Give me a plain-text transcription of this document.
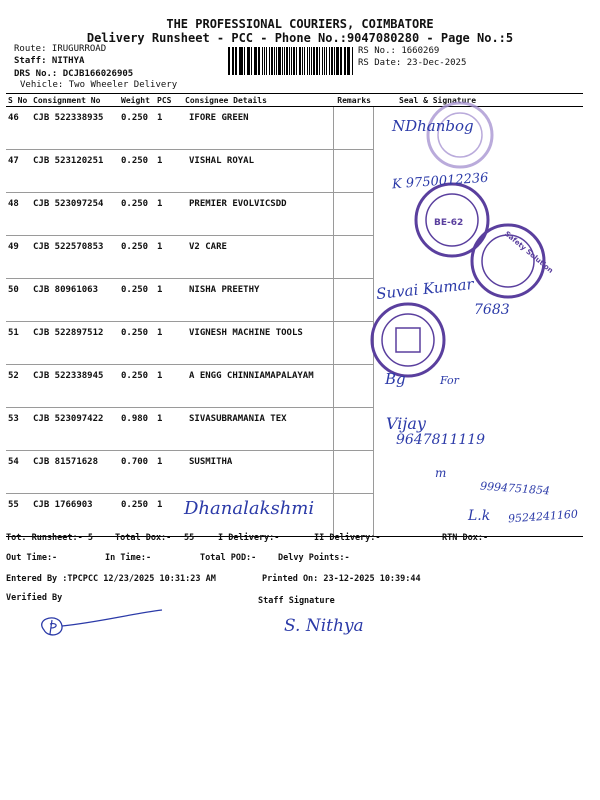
THE PROFESSIONAL COURIERS, COIMBATORE
Delivery Runsheet - PCC - Phone No.:9047080280 - Page No.:5
Route: IRUGURROAD
Staff: NITHYA
DRS No.: DCJB166026905
Vehicle: Two Wheeler Delivery
RS No.: 1660269
RS Date: 23-Dec-2025
S No	Consignment No	Weight	PCS	Consignee Details	Remarks	Seal & Signature
46	CJB 522338935	0.250	1	IFORE GREEN		
47	CJB 523120251	0.250	1	VISHAL ROYAL		
48	CJB 523097254	0.250	1	PREMIER EVOLVICSDD		
49	CJB 522570853	0.250	1	V2 CARE		
50	CJB 80961063	0.250	1	NISHA PREETHY		
51	CJB 522897512	0.250	1	VIGNESH MACHINE TOOLS		
52	CJB 522338945	0.250	1	A ENGG CHINNIAMAPALAYAM		
53	CJB 523097422	0.980	1	SIVASUBRAMANIA TEX		
54	CJB 81571628	0.700	1	SUSMITHA		
55	CJB 1766903	0.250	1			
BE-62
Safety Solution
NDhanbog
K 9750012236
Suvai Kumar
7683
Bg	For
Vijay
9647811119
m
9994751854
L.k 9524241160
Dhanalakshmi
Tot. Runsheet:- 5	Total Dox:- 55	I Delivery:-	II Delivery:-	RTN Dox:-
Out Time:-	In Time:-	Total POD:-	Delvy Points:-
Entered By :TPCPCC 12/23/2025 10:31:23 AM	Printed On: 23-12-2025 10:39:44
Verified By	Staff Signature
S. Nithya
